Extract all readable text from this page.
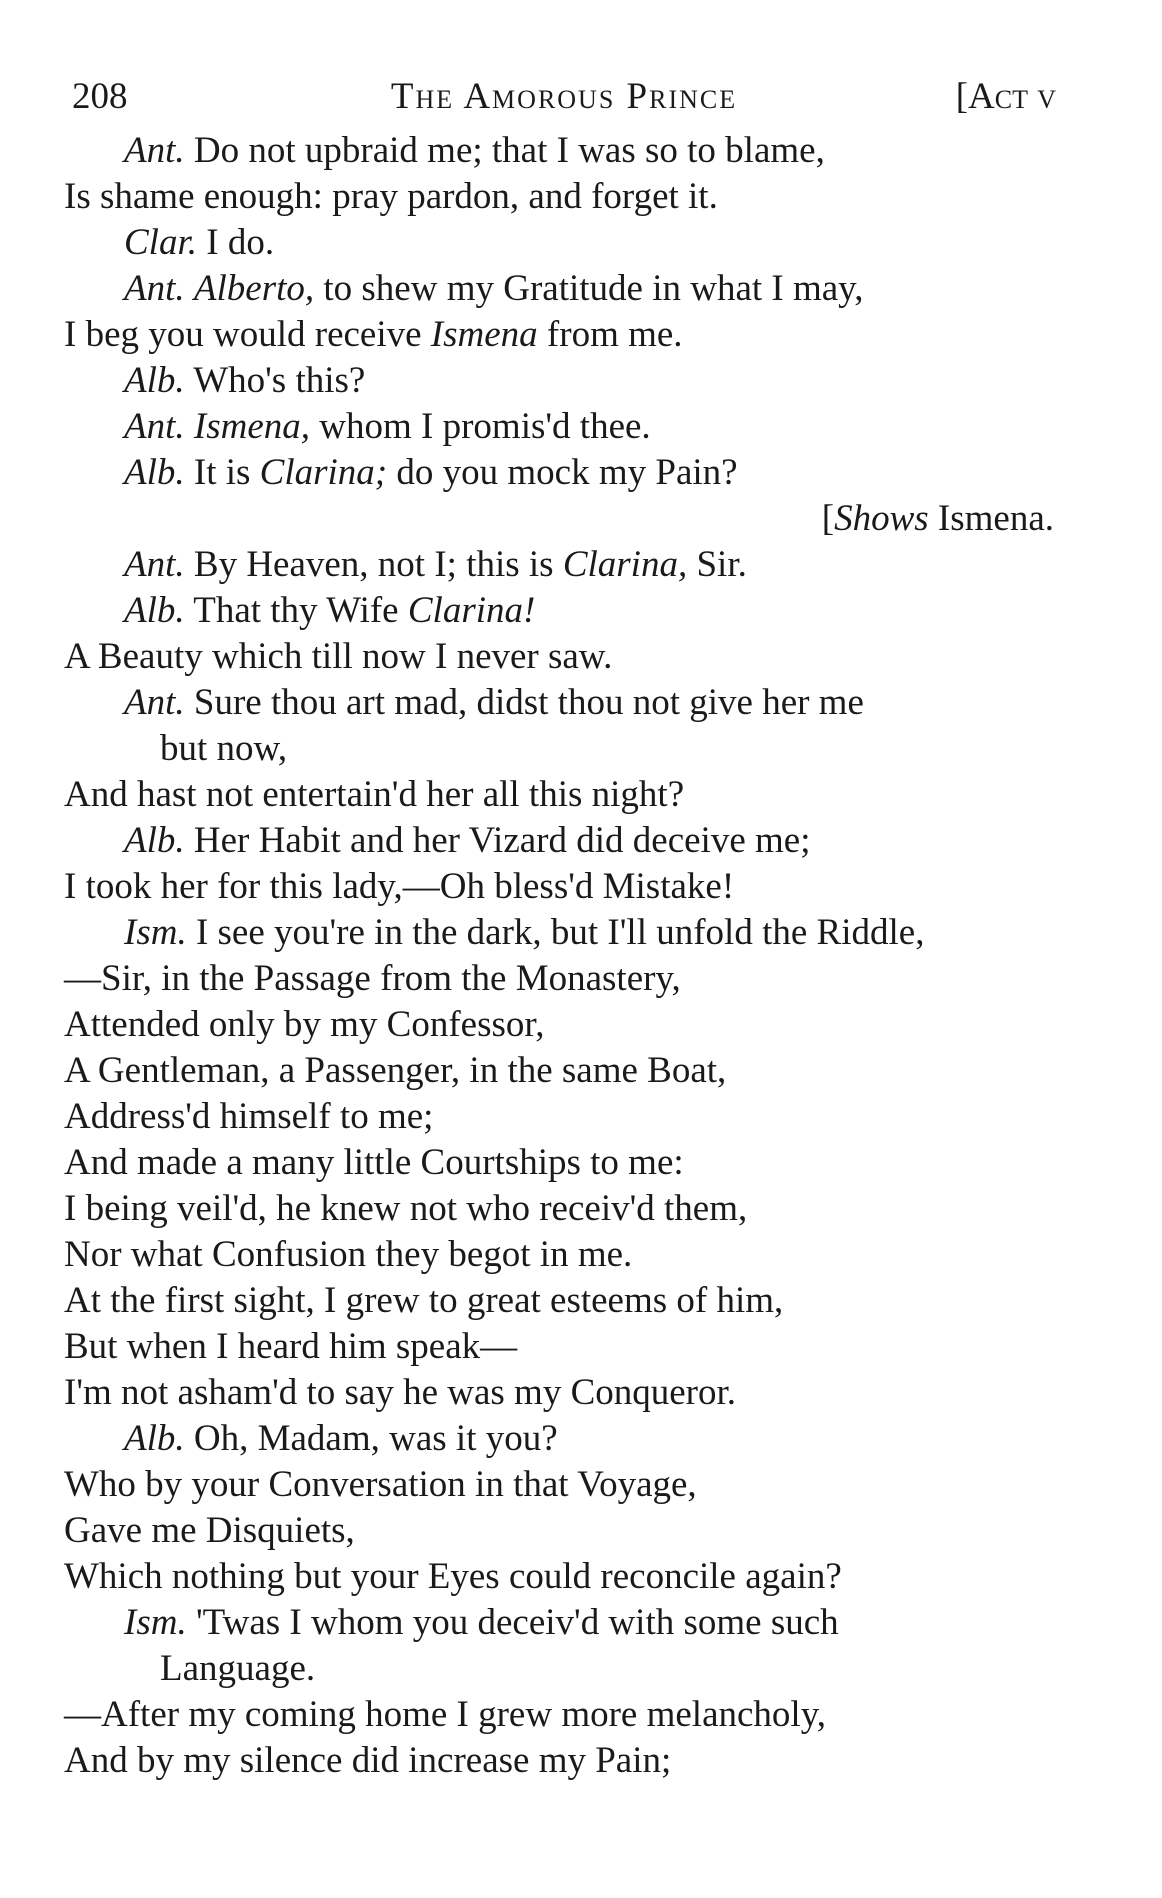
208	The Amorous Prince	[Act v
Ant. Do not upbraid me; that I was so to blame,
Is shame enough: pray pardon, and forget it.
Clar. I do.
Ant. Alberto, to shew my Gratitude in what I may,
I beg you would receive Ismena from me.
Alb. Who's this?
Ant. Ismena, whom I promis'd thee.
Alb. It is Clarina; do you mock my Pain?
[Shows Ismena.
Ant. By Heaven, not I; this is Clarina, Sir.
Alb. That thy Wife Clarina!
A Beauty which till now I never saw.
Ant. Sure thou art mad, didst thou not give her me
but now,
And hast not entertain'd her all this night?
Alb. Her Habit and her Vizard did deceive me;
I took her for this lady,—Oh bless'd Mistake!
Ism. I see you're in the dark, but I'll unfold the Riddle,
—Sir, in the Passage from the Monastery,
Attended only by my Confessor,
A Gentleman, a Passenger, in the same Boat,
Address'd himself to me;
And made a many little Courtships to me:
I being veil'd, he knew not who receiv'd them,
Nor what Confusion they begot in me.
At the first sight, I grew to great esteems of him,
But when I heard him speak—
I'm not asham'd to say he was my Conqueror.
Alb. Oh, Madam, was it you?
Who by your Conversation in that Voyage,
Gave me Disquiets,
Which nothing but your Eyes could reconcile again?
Ism. 'Twas I whom you deceiv'd with some such
Language.
—After my coming home I grew more melancholy,
And by my silence did increase my Pain;
